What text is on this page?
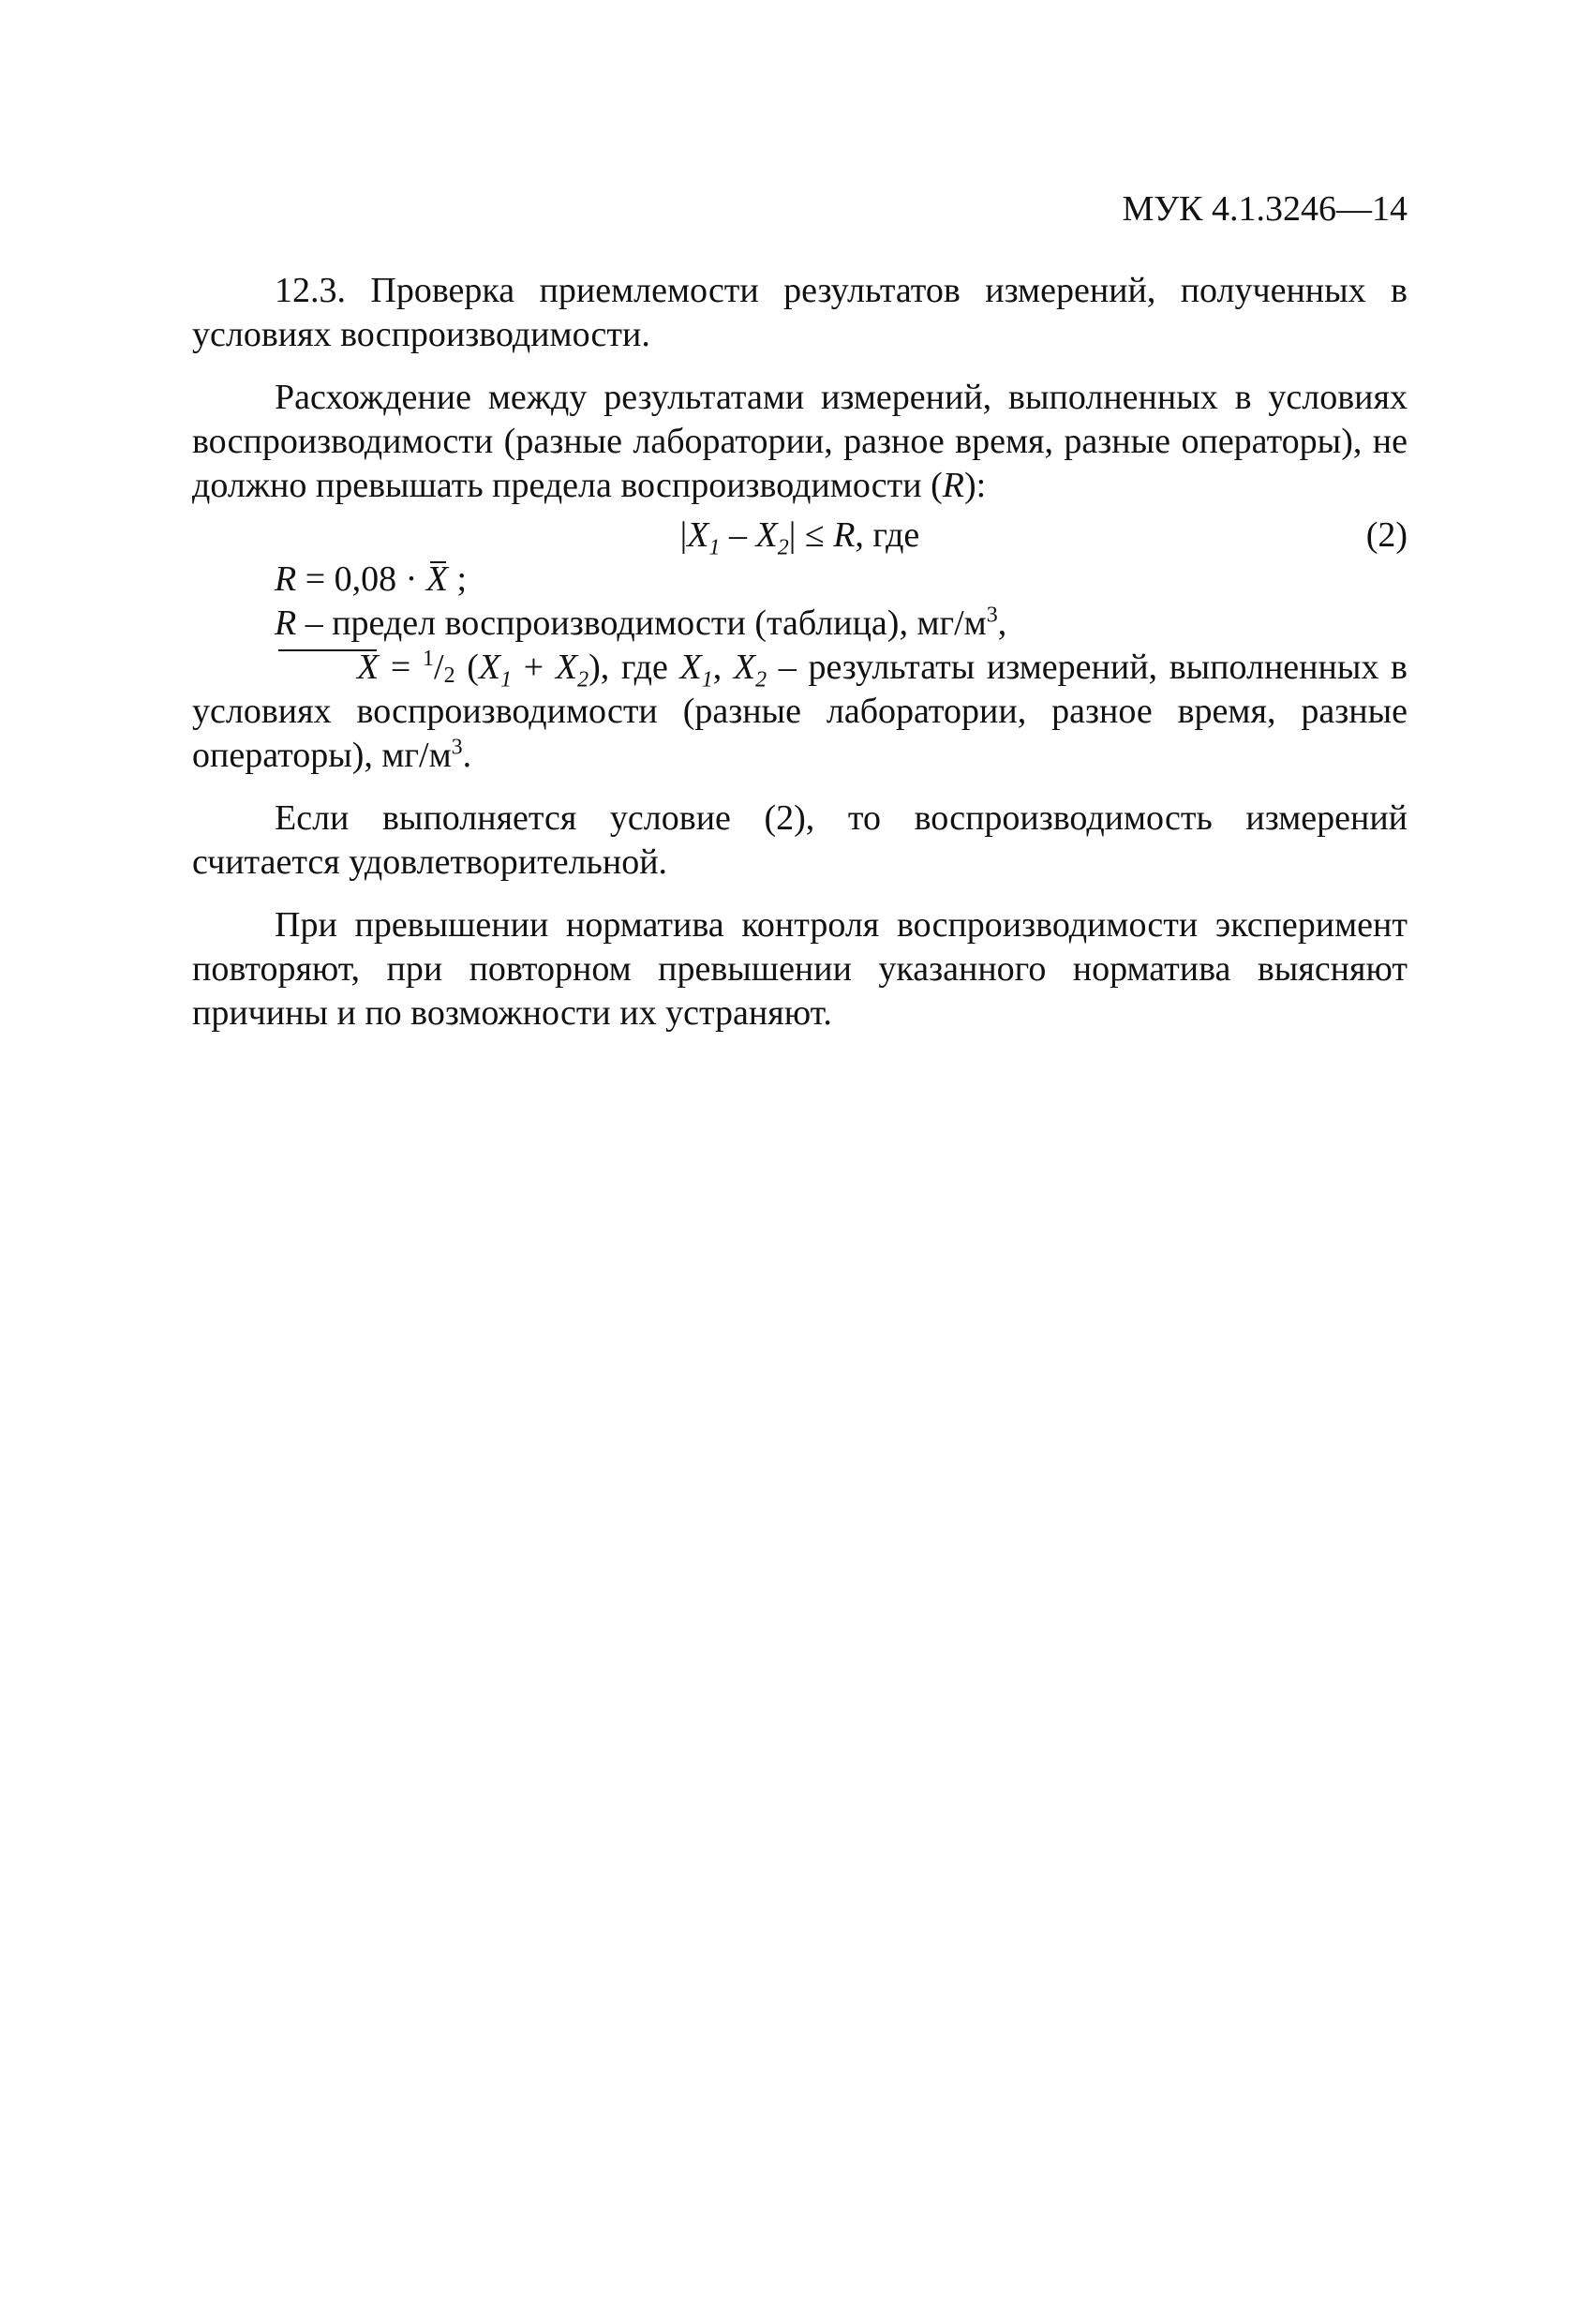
МУК 4.1.3246—14

12.3. Проверка приемлемости результатов измерений, полученных в условиях воспроизводимости.

Расхождение между результатами измерений, выполненных в условиях воспроизводимости (разные лаборатории, разное время, разные операторы), не должно превышать предела воспроизводимости (R):

$|X_1 - X_2| \le R$, где	(2)

R = 0,08 · X ;

R – предел воспроизводимости (таблица), $мг/м^3$,

X = $^1$/2 $(X_1 + X_2)$, где $X_1$, $X_2$ – результаты измерений, выполненных в условиях воспроизводимости (разные лаборатории, разное время, разные операторы), $мг/м^3$.

Если выполняется условие (2), то воспроизводимость измерений считается удовлетворительной.

При превышении норматива контроля воспроизводимости эксперимент повторяют, при повторном превышении указанного норматива выясняют причины и по возможности их устраняют.
